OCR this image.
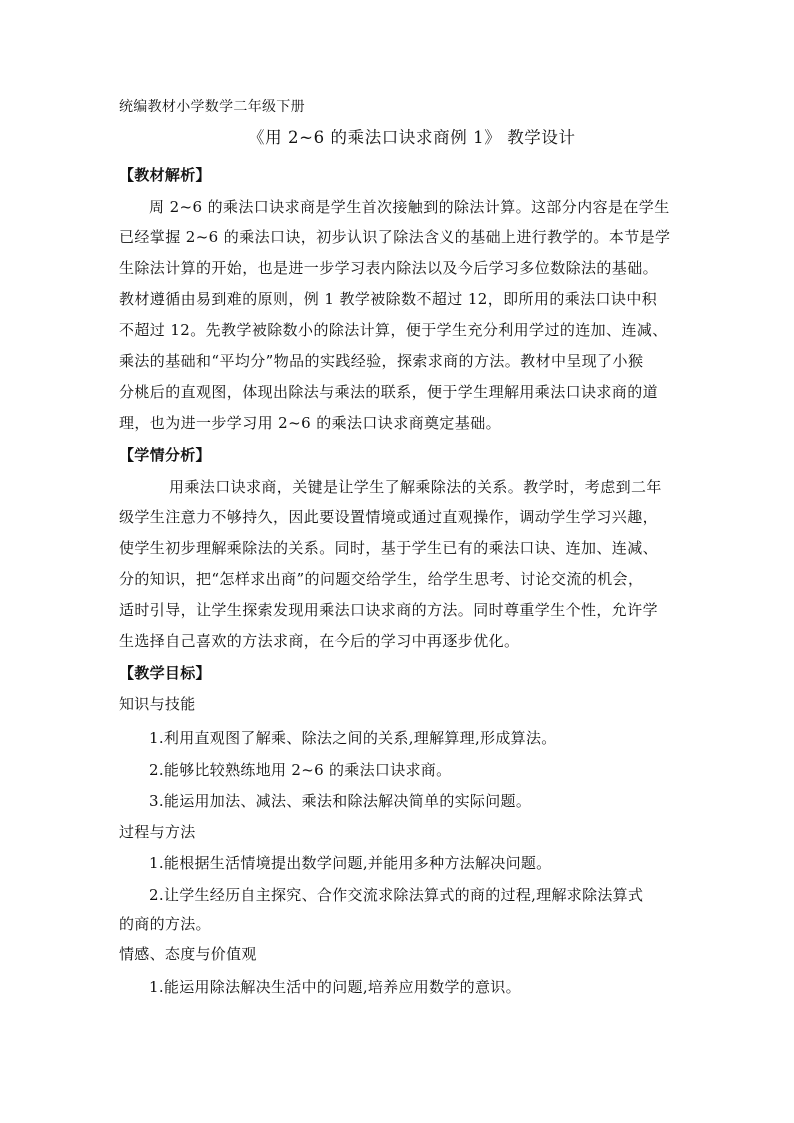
统编教材小学数学二年级下册
《用 2~6 的乘法口诀求商例 1》 教学设计
【教材解析】
周 2~6 的乘法口诀求商是学生首次接触到的除法计算。这部分内容是在学生
已经掌握 2~6 的乘法口诀，初步认识了除法含义的基础上进行教学的。本节是学
生除法计算的开始，也是进一步学习表内除法以及今后学习多位数除法的基础。
教材遵循由易到难的原则，例 1 教学被除数不超过 12，即所用的乘法口诀中积
不超过 12。先教学被除数小的除法计算，便于学生充分利用学过的连加、连减、
乘法的基础和“平均分”物品的实践经验，探索求商的方法。教材中呈现了小猴
分桃后的直观图，体现出除法与乘法的联系，便于学生理解用乘法口诀求商的道
理，也为进一步学习用 2~6 的乘法口诀求商奠定基础。
【学情分析】
用乘法口诀求商，关键是让学生了解乘除法的关系。教学时，考虑到二年
级学生注意力不够持久，因此要设置情境或通过直观操作，调动学生学习兴趣，
使学生初步理解乘除法的关系。同时，基于学生已有的乘法口诀、连加、连减、
分的知识，把“怎样求出商”的问题交给学生，给学生思考、讨论交流的机会，
适时引导，让学生探索发现用乘法口诀求商的方法。同时尊重学生个性，允许学
生选择自己喜欢的方法求商，在今后的学习中再逐步优化。
【教学目标】
知识与技能
1.利用直观图了解乘、除法之间的关系,理解算理,形成算法。
2.能够比较熟练地用 2~6 的乘法口诀求商。
3.能运用加法、减法、乘法和除法解决简单的实际问题。
过程与方法
1.能根据生活情境提出数学问题,并能用多种方法解决问题。
2.让学生经历自主探究、合作交流求除法算式的商的过程,理解求除法算式
的商的方法。
情感、态度与价值观
1.能运用除法解决生活中的问题,培养应用数学的意识。
